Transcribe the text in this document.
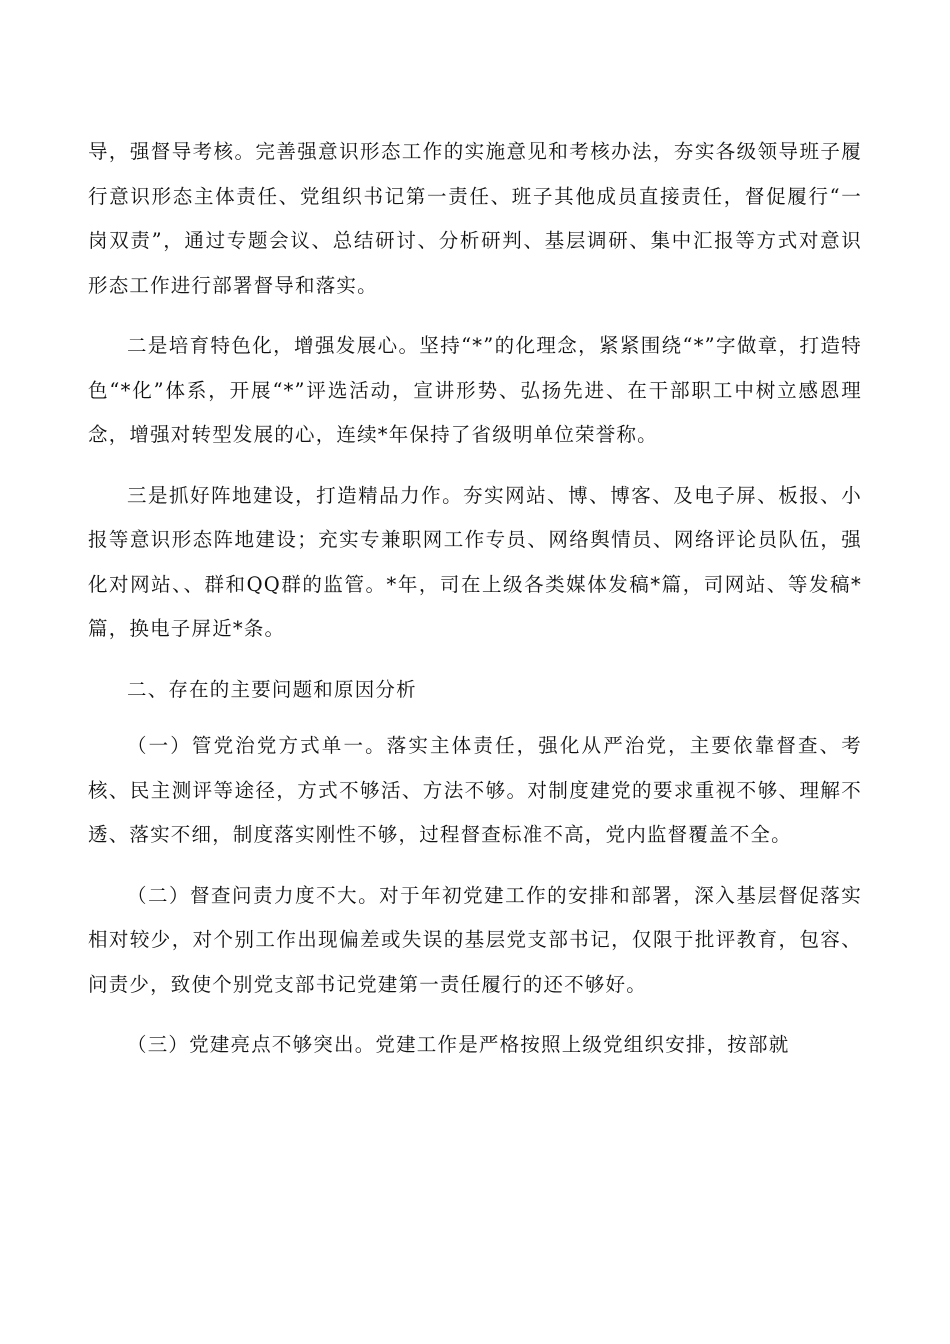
导，强督导考核。完善强意识形态工作的实施意见和考核办法，夯实各级领导班子履行意识形态主体责任、党组织书记第一责任、班子其他成员直接责任，督促履行“一岗双责”，通过专题会议、总结研讨、分析研判、基层调研、集中汇报等方式对意识形态工作进行部署督导和落实。

二是培育特色化，增强发展心。坚持“*”的化理念，紧紧围绕“*”字做章，打造特色“*化”体系，开展“*”评选活动，宣讲形势、弘扬先进、在干部职工中树立感恩理念，增强对转型发展的心，连续*年保持了省级明单位荣誉称。

三是抓好阵地建设，打造精品力作。夯实网站、博、博客、及电子屏、板报、小报等意识形态阵地建设；充实专兼职网工作专员、网络舆情员、网络评论员队伍，强化对网站、、群和QQ群的监管。*年，司在上级各类媒体发稿*篇，司网站、等发稿*篇，换电子屏近*条。

二、存在的主要问题和原因分析

（一）管党治党方式单一。落实主体责任，强化从严治党，主要依靠督查、考核、民主测评等途径，方式不够活、方法不够。对制度建党的要求重视不够、理解不透、落实不细，制度落实刚性不够，过程督查标准不高，党内监督覆盖不全。

（二）督查问责力度不大。对于年初党建工作的安排和部署，深入基层督促落实相对较少，对个别工作出现偏差或失误的基层党支部书记，仅限于批评教育，包容、问责少，致使个别党支部书记党建第一责任履行的还不够好。

（三）党建亮点不够突出。党建工作是严格按照上级党组织安排，按部就
